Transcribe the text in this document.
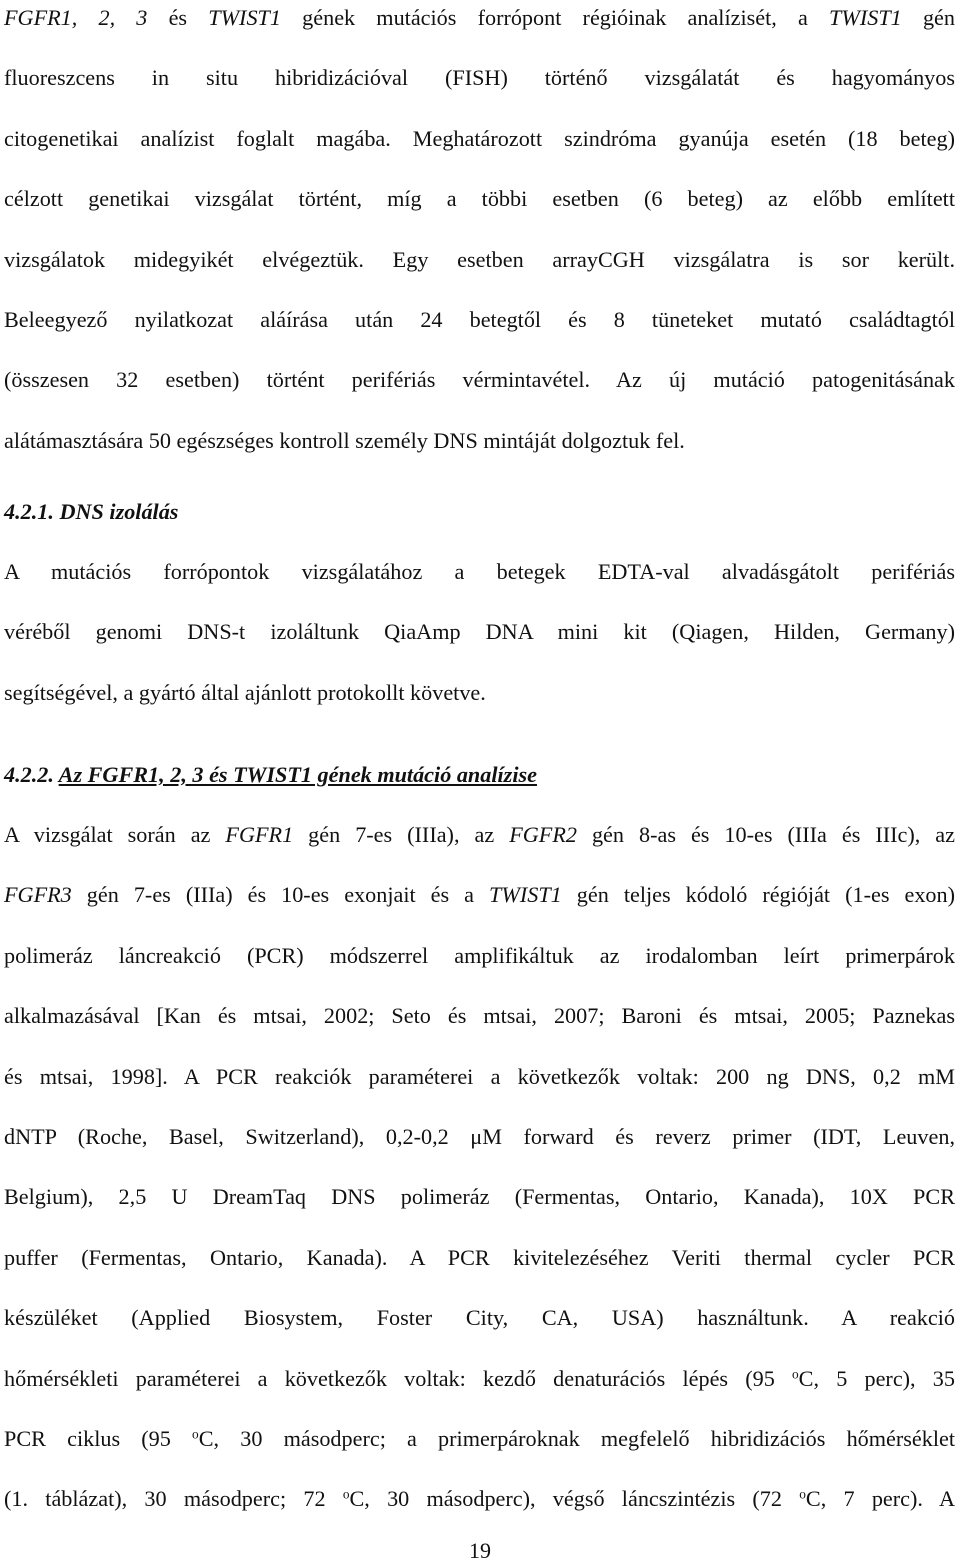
FGFR1, 2, 3 és TWIST1 gének mutációs forrópont régióinak analízisét, a TWIST1 gén
fluoreszcens in situ hibridizációval (FISH) történő vizsgálatát és hagyományos
citogenetikai analízist foglalt magába. Meghatározott szindróma gyanúja esetén (18 beteg)
célzott genetikai vizsgálat történt, míg a többi esetben (6 beteg) az előbb említett
vizsgálatok midegyikét elvégeztük. Egy esetben arrayCGH vizsgálatra is sor került.
Beleegyező nyilatkozat aláírása után 24 betegtől és 8 tüneteket mutató családtagtól
(összesen 32 esetben) történt perifériás vérmintavétel. Az új mutáció patogenitásának
alátámasztására 50 egészséges kontroll személy DNS mintáját dolgoztuk fel.

4.2.1. DNS izolálás

A mutációs forrópontok vizsgálatához a betegek EDTA-val alvadásgátolt perifériás
véréből genomi DNS-t izoláltunk QiaAmp DNA mini kit (Qiagen, Hilden, Germany)
segítségével, a gyártó által ajánlott protokollt követve.

4.2.2. Az FGFR1, 2, 3 és TWIST1 gének mutáció analízise

A vizsgálat során az FGFR1 gén 7-es (IIIa), az FGFR2 gén 8-as és 10-es (IIIa és IIIc), az
FGFR3 gén 7-es (IIIa) és 10-es exonjait és a TWIST1 gén teljes kódoló régióját (1-es exon)
polimeráz láncreakció (PCR) módszerrel amplifikáltuk az irodalomban leírt primerpárok
alkalmazásával [Kan és mtsai, 2002; Seto és mtsai, 2007; Baroni és mtsai, 2005; Paznekas
és mtsai, 1998]. A PCR reakciók paraméterei a következők voltak: 200 ng DNS, 0,2 mM
dNTP (Roche, Basel, Switzerland), 0,2-0,2 μM forward és reverz primer (IDT, Leuven,
Belgium), 2,5 U DreamTaq DNS polimeráz (Fermentas, Ontario, Kanada), 10X PCR
puffer (Fermentas, Ontario, Kanada). A PCR kivitelezéséhez Veriti thermal cycler PCR
készüléket (Applied Biosystem, Foster City, CA, USA) használtunk. A reakció
hőmérsékleti paraméterei a következők voltak: kezdő denaturációs lépés (95 $^o$C, 5 perc), 35
PCR ciklus (95 $^o$C, 30 másodperc; a primerpároknak megfelelő hibridizációs hőmérséklet
(1. táblázat), 30 másodperc; 72 $^o$C, 30 másodperc), végső láncszintézis (72 $^o$C, 7 perc). A

19
